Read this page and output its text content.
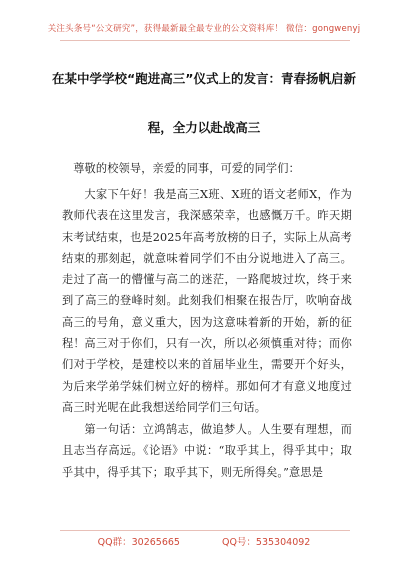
关注头条号“公文研究”，获得最新最全最专业的公文资料库！ 微信：gongwenyj
在某中学学校“跑进高三”仪式上的发言：青春扬帆启新
程，全力以赴战高三

尊敬的校领导，亲爱的同事，可爱的同学们：

大家下午好！我是高三X班、X班的语文老师X，作为教师代表在这里发言，我深感荣幸，也感慨万千。昨天期末考试结束，也是2025年高考放榜的日子，实际上从高考结束的那刻起，就意味着同学们不由分说地进入了高三。走过了高一的懵懂与高二的迷茫，一路爬坡过坎，终于来到了高三的登峰时刻。此刻我们相聚在报告厅，吹响奋战高三的号角，意义重大，因为这意味着新的开始，新的征程！ 高三对于你们，只有一次，所以必须慎重对待；而你们对于学校，是建校以来的首届毕业生，需要开个好头，为后来学弟学妹们树立好的榜样。那如何才有意义地度过高三时光呢在此我想送给同学们三句话。

第一句话：立鸿鹄志，做追梦人。人生要有理想，而且志当存高远。《论语》中说：“取乎其上，得乎其中；取乎其中，得乎其下；取乎其下，则无所得矣。”意思是

QQ群：30265665	QQ号：535304092
